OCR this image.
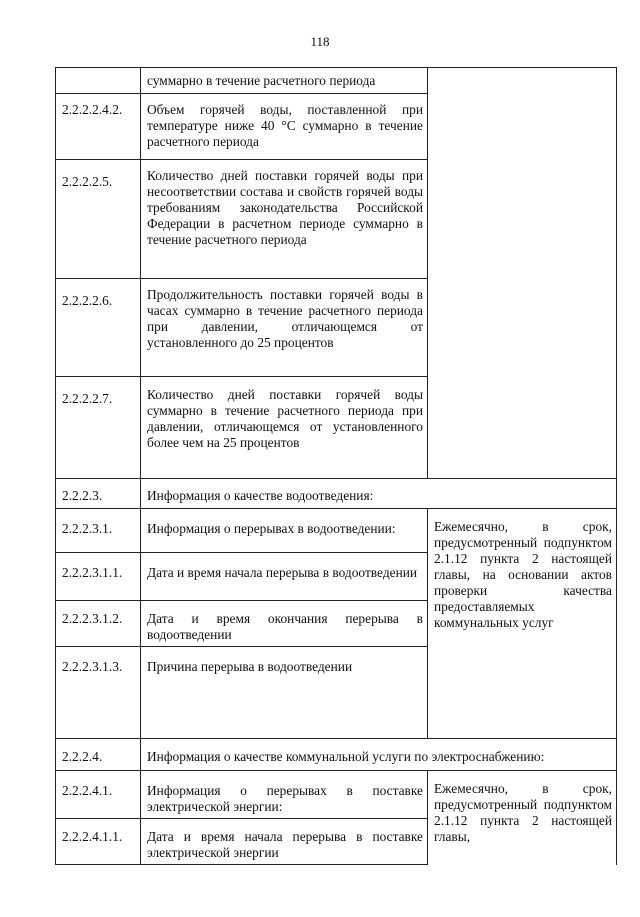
118
	суммарно в течение расчетного периода	
2.2.2.2.4.2.	Объем горячей воды, поставленной при температуре ниже 40 °C суммарно в течение расчетного периода	
2.2.2.2.5.	Количество дней поставки горячей воды при несоответствии состава и свойств горячей воды требованиям законодательства Российской Федерации в расчетном периоде суммарно в течение расчетного периода	
2.2.2.2.6.	Продолжительность поставки горячей воды в часах суммарно в течение расчетного периода при давлении, отличающемся от установленного до 25 процентов	
2.2.2.2.7.	Количество дней поставки горячей воды суммарно в течение расчетного периода при давлении, отличающемся от установленного более чем на 25 процентов	
2.2.2.3.	Информация о качестве водоотведения:	
2.2.2.3.1.	Информация о перерывах в водоотведении:	Ежемесячно, в срок, предусмотренный подпунктом 2.1.12 пункта 2 настоящей главы, на основании актов проверки качества предоставляемых коммунальных услуг
2.2.2.3.1.1.	Дата и время начала перерыва в водоотведении	
2.2.2.3.1.2.	Дата и время окончания перерыва в водоотведении	
2.2.2.3.1.3.	Причина перерыва в водоотведении	
2.2.2.4.	Информация о качестве коммунальной услуги по электроснабжению:	
2.2.2.4.1.	Информация о перерывах в поставке электрической энергии:	Ежемесячно, в срок, предусмотренный подпунктом 2.1.12 пункта 2 настоящей главы,
2.2.2.4.1.1.	Дата и время начала перерыва в поставке электрической энергии	
